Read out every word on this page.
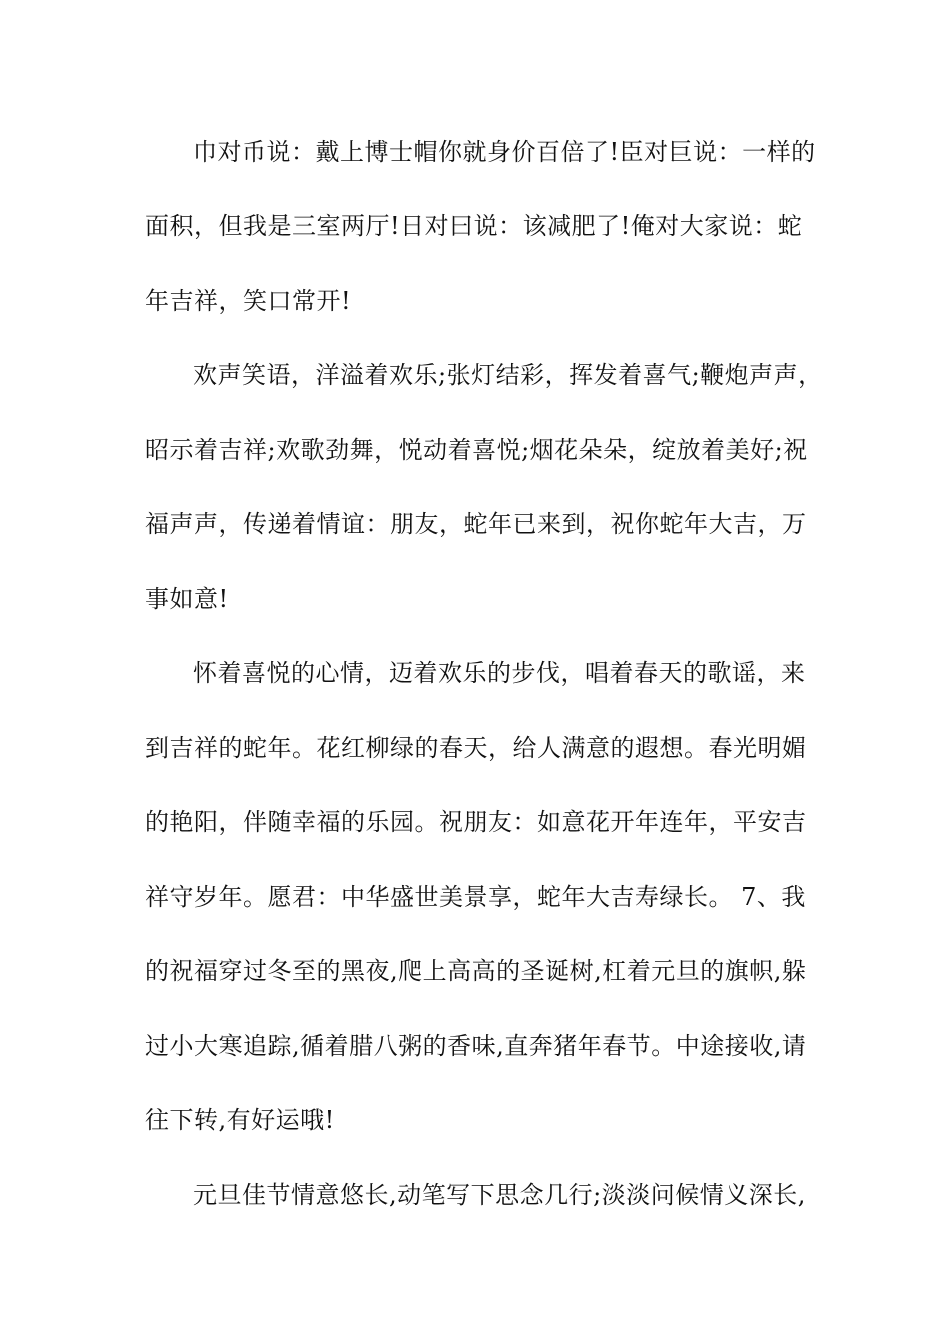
巾对币说：戴上博士帽你就身价百倍了!臣对巨说：一样的
面积，但我是三室两厅!日对曰说：该减肥了!俺对大家说：蛇
年吉祥，笑口常开!
欢声笑语，洋溢着欢乐;张灯结彩，挥发着喜气;鞭炮声声，
昭示着吉祥;欢歌劲舞，悦动着喜悦;烟花朵朵，绽放着美好;祝
福声声，传递着情谊：朋友，蛇年已来到，祝你蛇年大吉，万
事如意!
怀着喜悦的心情，迈着欢乐的步伐，唱着春天的歌谣，来
到吉祥的蛇年。花红柳绿的春天，给人满意的遐想。春光明媚
的艳阳，伴随幸福的乐园。祝朋友：如意花开年连年，平安吉
祥守岁年。愿君：中华盛世美景享，蛇年大吉寿绿长。 7、我
的祝福穿过冬至的黑夜,爬上高高的圣诞树,杠着元旦的旗帜,躲
过小大寒追踪,循着腊八粥的香味,直奔猪年春节。中途接收,请
往下转,有好运哦!
元旦佳节情意悠长,动笔写下思念几行;淡淡问候情义深长,
